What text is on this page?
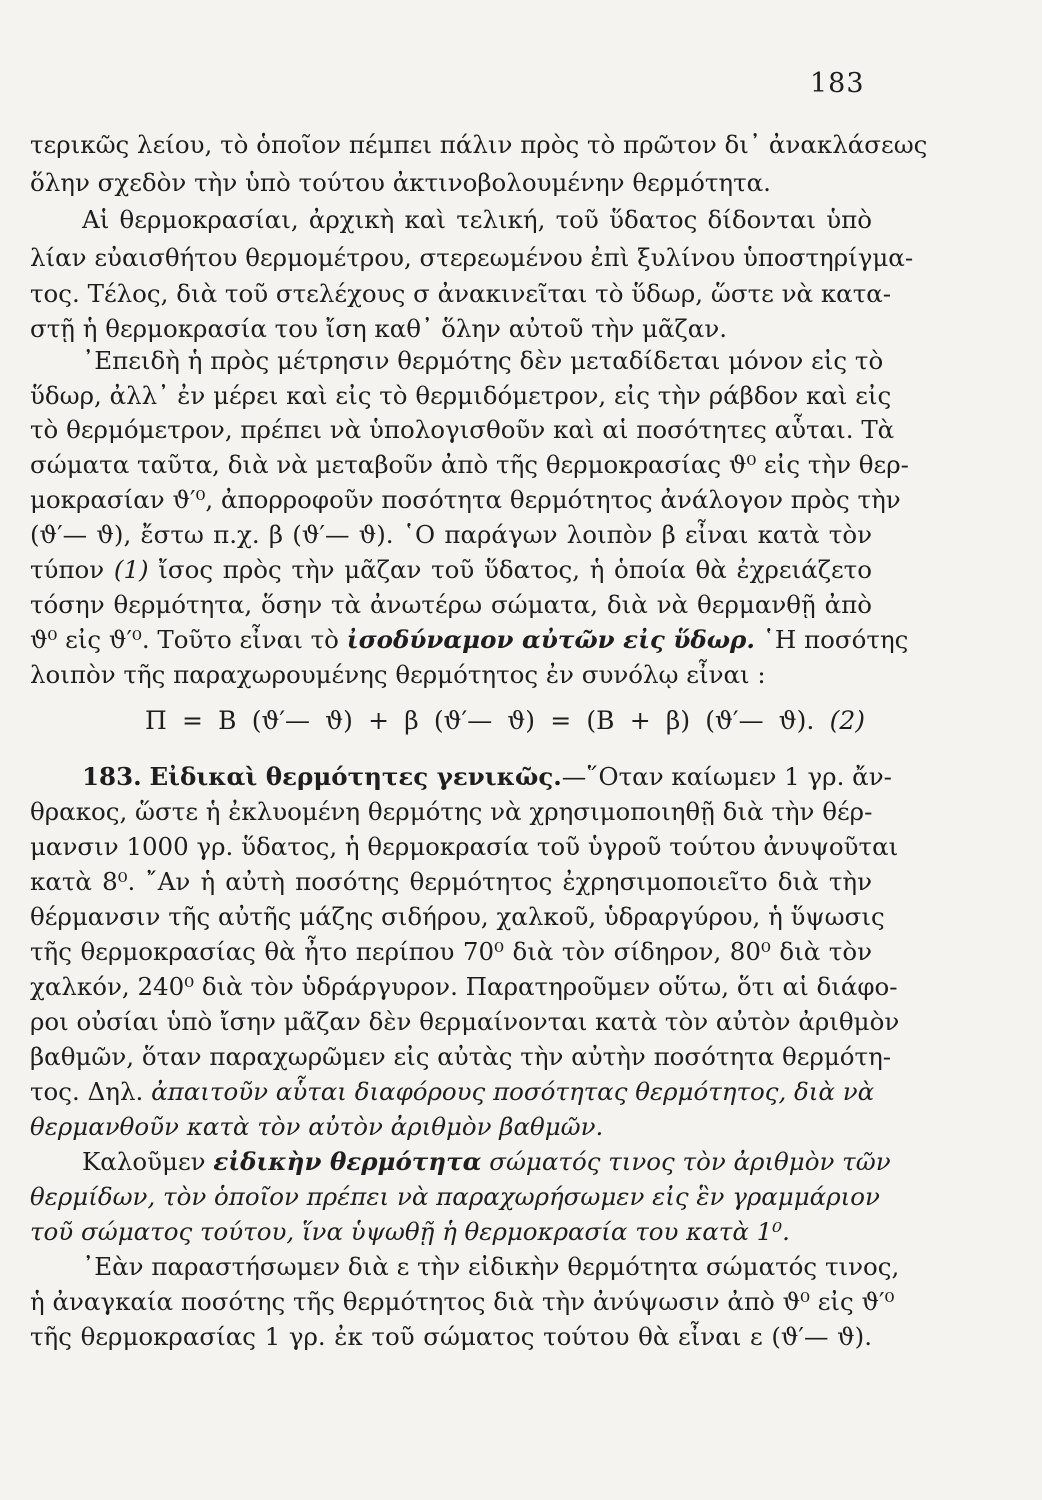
183
τερικῶς λείου, τὸ ὁποῖον πέμπει πάλιν πρὸς τὸ πρῶτον δι᾽ ἀνακλάσεως
ὅλην σχεδὸν τὴν ὑπὸ τούτου ἀκτινοβολουμένην θερμότητα.
Αἱ θερμοκρασίαι, ἀρχικὴ καὶ τελική, τοῦ ὕδατος δίδονται ὑπὸ
λίαν εὐαισθήτου θερμομέτρου, στερεωμένου ἐπὶ ξυλίνου ὑποστηρίγμα-
τος. Τέλος, διὰ τοῦ στελέχους σ ἀνακινεῖται τὸ ὕδωρ, ὥστε νὰ κατα-
στῇ ἡ θερμοκρασία του ἴση καθ᾽ ὅλην αὐτοῦ τὴν μᾶζαν.
᾽Επειδὴ ἡ πρὸς μέτρησιν θερμότης δὲν μεταδίδεται μόνον εἰς τὸ
ὕδωρ, ἀλλ᾽ ἐν μέρει καὶ εἰς τὸ θερμιδόμετρον, εἰς τὴν ράβδον καὶ εἰς
τὸ θερμόμετρον, πρέπει νὰ ὑπολογισθοῦν καὶ αἱ ποσότητες αὗται. Τὰ
σώματα ταῦτα, διὰ νὰ μεταβοῦν ἀπὸ τῆς θερμοκρασίας ϑ⁰ εἰς τὴν θερ-
μοκρασίαν ϑ′⁰, ἀπορροφοῦν ποσότητα θερμότητος ἀνάλογον πρὸς τὴν
(ϑ′— ϑ), ἔστω π.χ. β (ϑ′— ϑ). ῾Ο παράγων λοιπὸν β εἶναι κατὰ τὸν
τύπον (1) ἴσος πρὸς τὴν μᾶζαν τοῦ ὕδατος, ἡ ὁποία θὰ ἐχρειάζετο
τόσην θερμότητα, ὅσην τὰ ἀνωτέρω σώματα, διὰ νὰ θερμανθῇ ἀπὸ
ϑ⁰ εἰς ϑ′⁰. Τοῦτο εἶναι τὸ ἰσοδύναμον αὐτῶν εἰς ὕδωρ. ῾Η ποσότης
λοιπὸν τῆς παραχωρουμένης θερμότητος ἐν συνόλῳ εἶναι :
Π = Β (ϑ′— ϑ) + β (ϑ′— ϑ) = (Β + β) (ϑ′— ϑ). (2)
183. Εἰδικαὶ θερμότητες γενικῶς.—῞Οταν καίωμεν 1 γρ. ἄν-
θρακος, ὥστε ἡ ἐκλυομένη θερμότης νὰ χρησιμοποιηθῇ διὰ τὴν θέρ-
μανσιν 1000 γρ. ὕδατος, ἡ θερμοκρασία τοῦ ὑγροῦ τούτου ἀνυψοῦται
κατὰ 8⁰. ῎Αν ἡ αὐτὴ ποσότης θερμότητος ἐχρησιμοποιεῖτο διὰ τὴν
θέρμανσιν τῆς αὐτῆς μάζης σιδήρου, χαλκοῦ, ὑδραργύρου, ἡ ὕψωσις
τῆς θερμοκρασίας θὰ ἦτο περίπου 70⁰ διὰ τὸν σίδηρον, 80⁰ διὰ τὸν
χαλκόν, 240⁰ διὰ τὸν ὑδράργυρον. Παρατηροῦμεν οὕτω, ὅτι αἱ διάφο-
ροι οὐσίαι ὑπὸ ἴσην μᾶζαν δὲν θερμαίνονται κατὰ τὸν αὐτὸν ἀριθμὸν
βαθμῶν, ὅταν παραχωρῶμεν εἰς αὐτὰς τὴν αὐτὴν ποσότητα θερμότη-
τος. Δηλ. ἀπαιτοῦν αὗται διαφόρους ποσότητας θερμότητος, διὰ νὰ
θερμανθοῦν κατὰ τὸν αὐτὸν ἀριθμὸν βαθμῶν.
Καλοῦμεν εἰδικὴν θερμότητα σώματός τινος τὸν ἀριθμὸν τῶν
θερμίδων, τὸν ὁποῖον πρέπει νὰ παραχωρήσωμεν εἰς ἓν γραμμάριον
τοῦ σώματος τούτου, ἵνα ὑψωθῇ ἡ θερμοκρασία του κατὰ 1⁰.
᾽Εὰν παραστήσωμεν διὰ ε τὴν εἰδικὴν θερμότητα σώματός τινος,
ἡ ἀναγκαία ποσότης τῆς θερμότητος διὰ τὴν ἀνύψωσιν ἀπὸ ϑ⁰ εἰς ϑ′⁰
τῆς θερμοκρασίας 1 γρ. ἐκ τοῦ σώματος τούτου θὰ εἶναι ε (ϑ′— ϑ).
